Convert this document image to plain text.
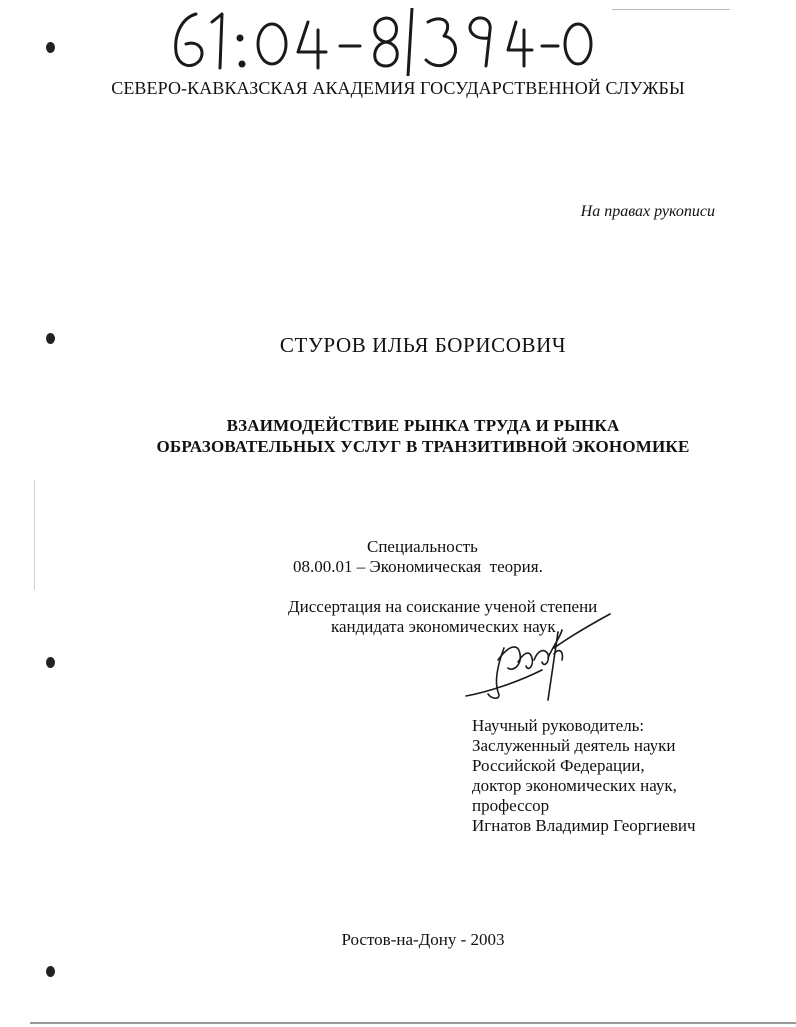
СЕВЕРО-КАВКАЗСКАЯ АКАДЕМИЯ ГОСУДАРСТВЕННОЙ СЛУЖБЫ
На правах рукописи
СТУРОВ ИЛЬЯ БОРИСОВИЧ
ВЗАИМОДЕЙСТВИЕ РЫНКА ТРУДА И РЫНКА
ОБРАЗОВАТЕЛЬНЫХ УСЛУГ В ТРАНЗИТИВНОЙ ЭКОНОМИКЕ
Специальность
08.00.01 – Экономическая  теория.
Диссертация на соискание ученой степени
кандидата экономических наук
Научный руководитель:
Заслуженный деятель науки
Российской Федерации,
доктор экономических наук,
профессор
Игнатов Владимир Георгиевич
Ростов-на-Дону - 2003
